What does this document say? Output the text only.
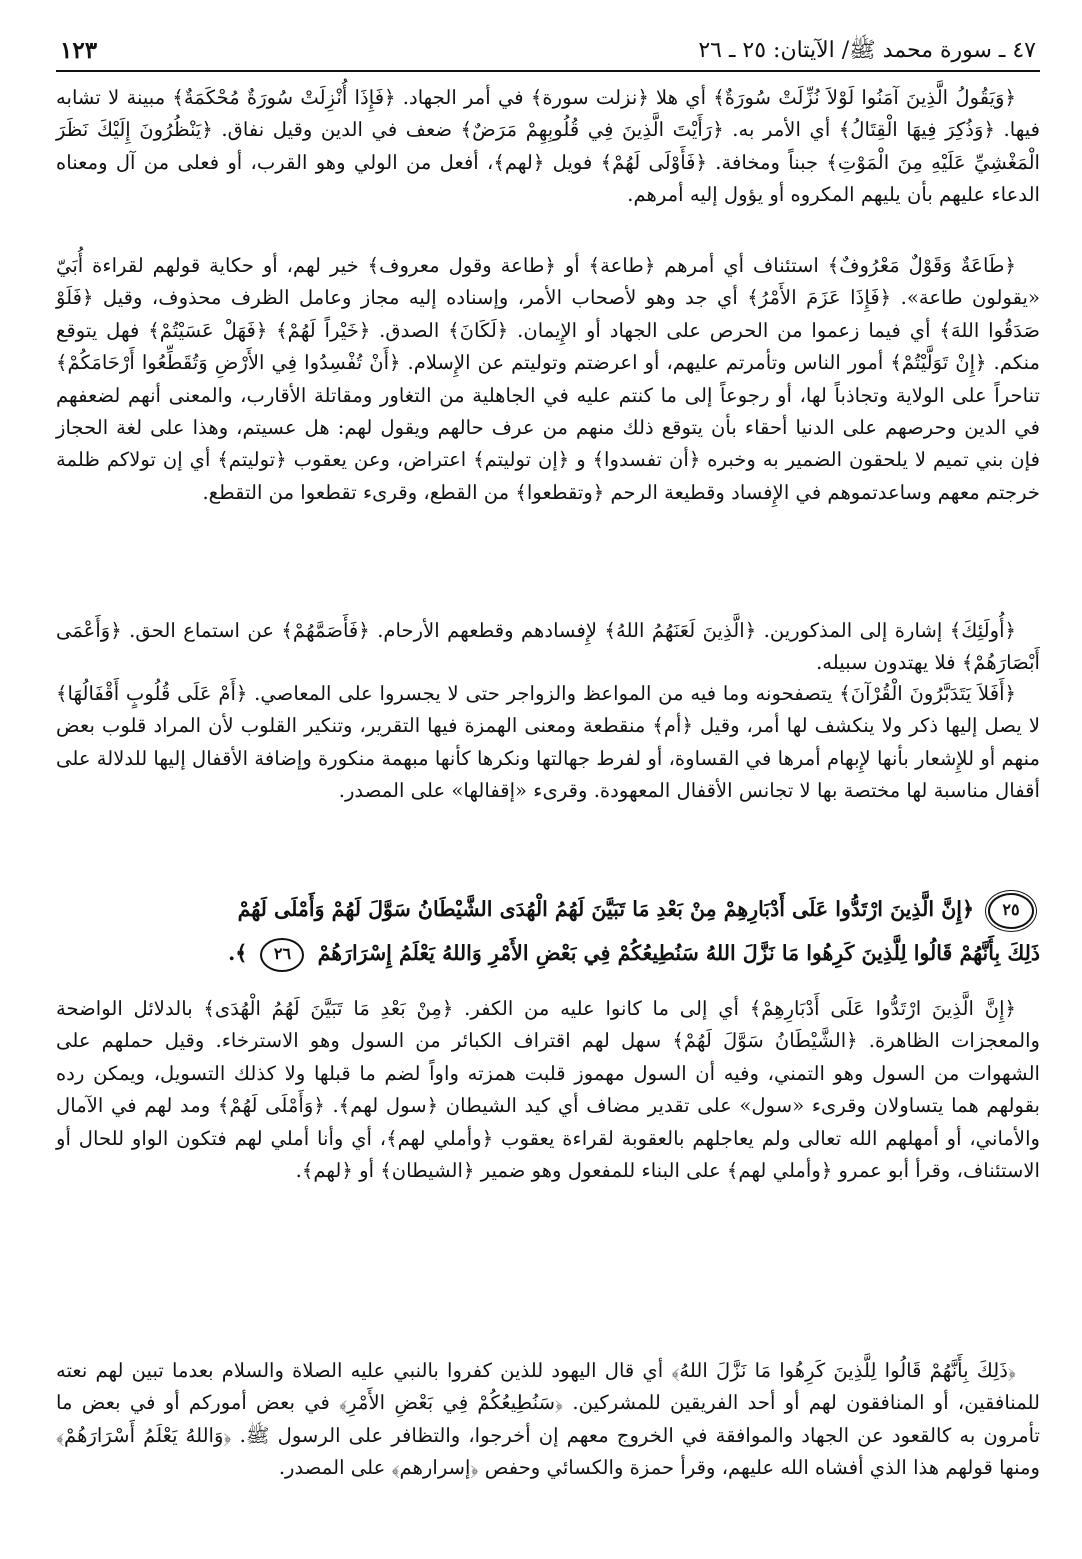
٤٧ ـ سورة محمد ﷺ/ الآيتان: ٢٥ ـ ٢٦
١٢٣

﴿وَيَقُولُ الَّذِينَ آمَنُوا لَوْلاَ نُزِّلَتْ سُورَةٌ﴾ أي هلا ﴿نزلت سورة﴾ في أمر الجهاد. ﴿فَإِذَا أُنْزِلَتْ سُورَةٌ مُحْكَمَةٌ﴾ مبينة لا تشابه فيها. ﴿وَذُكِرَ فِيهَا الْقِتَالُ﴾ أي الأمر به. ﴿رَأَيْتَ الَّذِينَ فِي قُلُوبِهِمْ مَرَضٌ﴾ ضعف في الدين وقيل نفاق. ﴿يَنْظُرُونَ إِلَيْكَ نَظَرَ الْمَغْشِيِّ عَلَيْهِ مِنَ الْمَوْتِ﴾ جبناً ومخافة. ﴿فَأَوْلَى لَهُمْ﴾ فويل ﴿لهم﴾، أفعل من الولي وهو القرب، أو فعلى من آل ومعناه الدعاء عليهم بأن يليهم المكروه أو يؤول إليه أمرهم.

﴿طَاعَةٌ وَقَوْلٌ مَعْرُوفٌ﴾ استئناف أي أمرهم ﴿طاعة﴾ أو ﴿طاعة وقول معروف﴾ خير لهم، أو حكاية قولهم لقراءة أُبَيّ «يقولون طاعة». ﴿فَإِذَا عَزَمَ الأَمْرُ﴾ أي جد وهو لأصحاب الأمر، وإسناده إليه مجاز وعامل الظرف محذوف، وقيل ﴿فَلَوْ صَدَقُوا اللهَ﴾ أي فيما زعموا من الحرص على الجهاد أو الإِيمان. ﴿لَكَانَ﴾ الصدق. ﴿خَيْراً لَهُمْ﴾ ﴿فَهَلْ عَسَيْتُمْ﴾ فهل يتوقع منكم. ﴿إِنْ تَوَلَّيْتُمْ﴾ أمور الناس وتأمرتم عليهم، أو اعرضتم وتوليتم عن الإِسلام. ﴿أَنْ تُفْسِدُوا فِي الأَرْضِ وَتُقَطِّعُوا أَرْحَامَكُمْ﴾ تناحراً على الولاية وتجاذباً لها، أو رجوعاً إلى ما كنتم عليه في الجاهلية من التغاور ومقاتلة الأقارب، والمعنى أنهم لضعفهم في الدين وحرصهم على الدنيا أحقاء بأن يتوقع ذلك منهم من عرف حالهم ويقول لهم: هل عسيتم، وهذا على لغة الحجاز فإن بني تميم لا يلحقون الضمير به وخبره ﴿أن تفسدوا﴾ و ﴿إن توليتم﴾ اعتراض، وعن يعقوب ﴿توليتم﴾ أي إن تولاكم ظلمة خرجتم معهم وساعدتموهم في الإِفساد وقطيعة الرحم ﴿وتقطعوا﴾ من القطع، وقرىء تقطعوا من التقطع.

﴿أُولَئِكَ﴾ إشارة إلى المذكورين. ﴿الَّذِينَ لَعَنَهُمُ اللهُ﴾ لإِفسادهم وقطعهم الأرحام. ﴿فَأَصَمَّهُمْ﴾ عن استماع الحق. ﴿وَأَعْمَى أَبْصَارَهُمْ﴾ فلا يهتدون سبيله.

﴿أَفَلاَ يَتَدَبَّرُونَ الْقُرْآنَ﴾ يتصفحونه وما فيه من المواعظ والزواجر حتى لا يجسروا على المعاصي. ﴿أَمْ عَلَى قُلُوبٍ أَقْفَالُهَا﴾ لا يصل إليها ذكر ولا ينكشف لها أمر، وقيل ﴿أم﴾ منقطعة ومعنى الهمزة فيها التقرير، وتنكير القلوب لأن المراد قلوب بعض منهم أو للإِشعار بأنها لإِبهام أمرها في القساوة، أو لفرط جهالتها ونكرها كأنها مبهمة منكورة وإضافة الأقفال إليها للدلالة على أقفال مناسبة لها مختصة بها لا تجانس الأقفال المعهودة. وقرىء «إقفالها» على المصدر.

٢٥
﴿إِنَّ الَّذِينَ ارْتَدُّوا عَلَى أَدْبَارِهِمْ مِنْ بَعْدِ مَا تَبَيَّنَ لَهُمُ الْهُدَى الشَّيْطَانُ سَوَّلَ لَهُمْ وَأَمْلَى لَهُمْ
ذَلِكَ بِأَنَّهُمْ قَالُوا لِلَّذِينَ كَرِهُوا مَا نَزَّلَ اللهُ سَنُطِيعُكُمْ فِي بَعْضِ الأَمْرِ وَاللهُ يَعْلَمُ إِسْرَارَهُمْ ٢٦ ﴾.

﴿إِنَّ الَّذِينَ ارْتَدُّوا عَلَى أَدْبَارِهِمْ﴾ أي إلى ما كانوا عليه من الكفر. ﴿مِنْ بَعْدِ مَا تَبَيَّنَ لَهُمُ الْهُدَى﴾ بالدلائل الواضحة والمعجزات الظاهرة. ﴿الشَّيْطَانُ سَوَّلَ لَهُمْ﴾ سهل لهم اقتراف الكبائر من السول وهو الاسترخاء. وقيل حملهم على الشهوات من السول وهو التمني، وفيه أن السول مهموز قلبت همزته واواً لضم ما قبلها ولا كذلك التسويل، ويمكن رده بقولهم هما يتساولان وقرىء «سول» على تقدير مضاف أي كيد الشيطان ﴿سول لهم﴾. ﴿وَأَمْلَى لَهُمْ﴾ ومد لهم في الآمال والأماني، أو أمهلهم الله تعالى ولم يعاجلهم بالعقوبة لقراءة يعقوب ﴿وأملي لهم﴾، أي وأنا أملي لهم فتكون الواو للحال أو الاستئناف، وقرأ أبو عمرو ﴿وأملي لهم﴾ على البناء للمفعول وهو ضمير ﴿الشيطان﴾ أو ﴿لهم﴾.

﴿ذَلِكَ بِأَنَّهُمْ قَالُوا لِلَّذِينَ كَرِهُوا مَا نَزَّلَ اللهُ﴾ أي قال اليهود للذين كفروا بالنبي عليه الصلاة والسلام بعدما تبين لهم نعته للمنافقين، أو المنافقون لهم أو أحد الفريقين للمشركين. ﴿سَنُطِيعُكُمْ فِي بَعْضِ الأَمْرِ﴾ في بعض أموركم أو في بعض ما تأمرون به كالقعود عن الجهاد والموافقة في الخروج معهم إن أخرجوا، والتظافر على الرسول ﷺ. ﴿وَاللهُ يَعْلَمُ أَسْرَارَهُمْ﴾ ومنها قولهم هذا الذي أفشاه الله عليهم، وقرأ حمزة والكسائي وحفص ﴿إسرارهم﴾ على المصدر.
